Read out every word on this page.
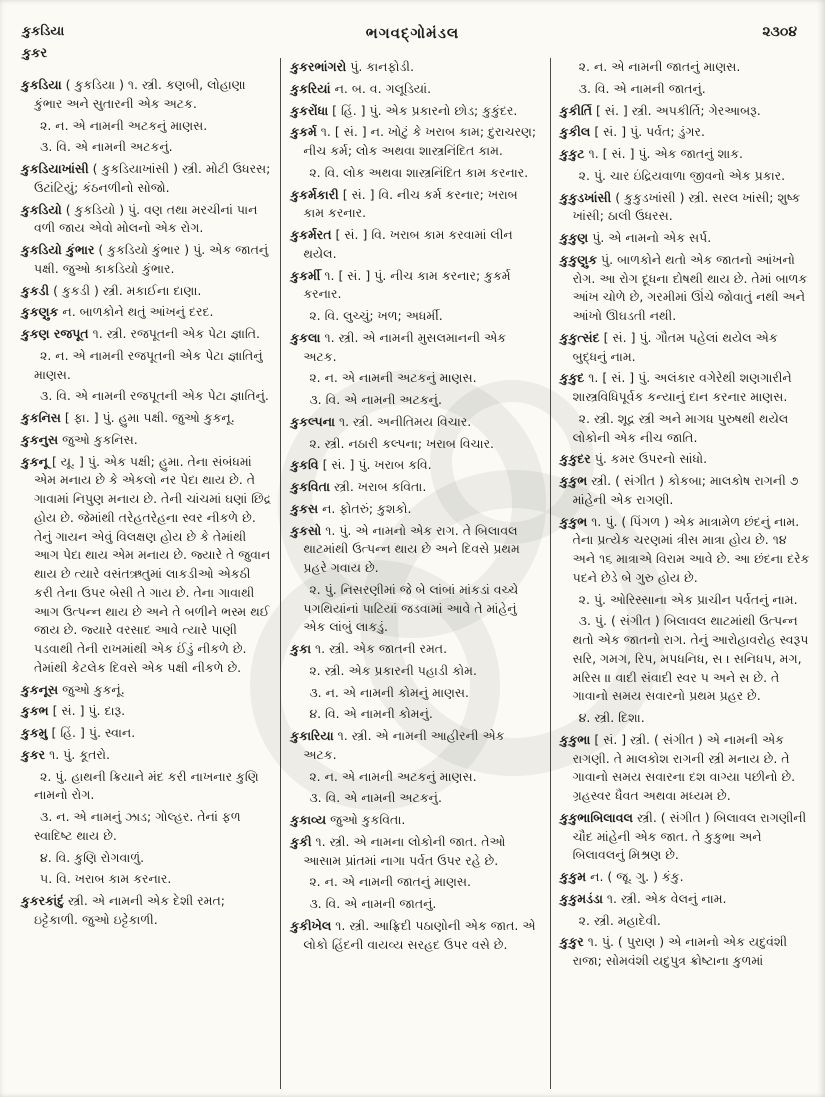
કુકડિયા
કુકર
ભગવદ્ગોમંડલ	૨૩૦૪

કુકડિયા ( કુકડિયા ) ૧. સ્ત્રી. કણબી, લોહાણા કુંભાર અને સુતારની એક અટક.

૨. ન. એ નામની અટકનું માણસ.

૩. વિ. એ નામની અટકનું.

કુકડિયાખાંસી ( કુકડિયાખાંસી ) સ્ત્રી. મોટી ઉધરસ; ઉટાંટિયું; કંઠનળીનો સોજો.

કુકડિયો ( કુકડિયો ) પું. વણ તથા મરચીનાં પાન વળી જાય એવો મોલનો એક રોગ.

કુકડિયો કુંભાર ( કુકડિયો કુંભાર ) પું. એક જાતનું પક્ષી. જુઓ કાકડિયો કુંભાર.

કુકડી ( કુકડી ) સ્ત્રી. મકાઈના દાણા.

કુકણુક ન. બાળકોને થતું આંખનું દરદ.

કુકણ રજપૂત ૧. સ્ત્રી. રજપૂતની એક પેટા જ્ઞાતિ.

૨. ન. એ નામની રજપૂતની એક પેટા જ્ઞાતિનું માણસ.

૩. વિ. એ નામની રજપૂતની એક પેટા જ્ઞાતિનું.

કુકનિસ [ ફા. ] પું. હુમા પક્ષી. જુઓ કુકનૂ.

કુકનુસ જુઓ કુકનિસ.

કુકનૂ [ યૂ. ] પું. એક પક્ષી; હુમા. તેના સંબંધમાં એમ મનાય છે કે એકલો નર પેદા થાય છે. તે ગાવામાં નિપુણ મનાય છે. તેની ચાંચમાં ઘણાં છિદ્ર હોય છે. જેમાંથી તરેહતરેહના સ્વર નીકળે છે. તેનું ગાયન એવું વિલક્ષણ હોય છે કે તેમાંથી આગ પેદા થાય એમ મનાય છે. જ્યારે તે જુવાન થાય છે ત્યારે વસંતઋતુમાં લાકડીઓ એકઠી કરી તેના ઉપર બેસી તે ગાય છે. તેના ગાવાથી આગ ઉત્પન્ન થાય છે અને તે બળીને ભસ્મ થઈ જાય છે. જ્યારે વરસાદ આવે ત્યારે પાણી પડવાથી તેની રાખમાંથી એક ઈંડું નીકળે છે. તેમાંથી કેટલેક દિવસે એક પક્ષી નીકળે છે.

કુકનૂસ જુઓ કુકનૂં.

કુકભ [ સં. ] પું. દારૂ.

કુકમુ [ હિં. ] પું. સ્વાન.

કુકર ૧. પું. કૂતરો.

૨. પું. હાથની ક્રિયાને મંદ કરી નાખનાર કુણિ નામનો રોગ.

૩. ન. એ નામનું ઝાડ; ગોલ્હર. તેનાં ફળ સ્વાદિષ્ટ થાય છે.

૪. વિ. કુણિ રોગવાળું.

૫. વિ. ખરાબ કામ કરનાર.

કુકરકાંદું સ્ત્રી. એ નામની એક દેશી રમત; ઇટ્ટેકાળી. જુઓ ઇટ્ટેકાળી.

કુકરભાંગરો પું. કાનફોડી.

કુકરિયાં ન. બ. વ. ગલૂડિયાં.

કુકરોંધા [ હિં. ] પું. એક પ્રકારનો છોડ; કુકુંદર.

કુકર્મ ૧. [ સં. ] ન. ખોટું કે ખરાબ કામ; દુરાચરણ; નીચ કર્મ; લોક અથવા શાસ્ત્રનિંદિત કામ.

૨. વિ. લોક અથવા શાસ્ત્રનિંદિત કામ કરનાર.

કુકર્મકારી [ સં. ] વિ. નીચ કર્મ કરનાર; ખરાબ કામ કરનાર.

કુકર્મરત [ સં. ] વિ. ખરાબ કામ કરવામાં લીન થયેલ.

કુકર્મી ૧. [ સં. ] પું. નીચ કામ કરનાર; કુકર્મ કરનાર.

૨. વિ. લુચ્ચું; ખળ; અધર્મી.

કુકલા ૧. સ્ત્રી. એ નામની મુસલમાનની એક અટક.

૨. ન. એ નામની અટકનું માણસ.

૩. વિ. એ નામની અટકનું.

કુકલ્પના ૧. સ્ત્રી. અનીતિમય વિચાર.

૨. સ્ત્રી. નઠારી કલ્પના; ખરાબ વિચાર.

કુકવિ [ સં. ] પું. ખરાબ કવિ.

કુકવિતા સ્ત્રી. ખરાબ કવિતા.

કુકસ ન. ફોતરું; કુશકો.

કુકસો ૧. પું. એ નામનો એક રાગ. તે બિલાવલ થાટમાંથી ઉત્પન્ન થાય છે અને દિવસે પ્રથમ પ્રહરે ગવાય છે.

૨. પું. નિસરણીમાં જે બે લાંબાં માંકડાં વચ્ચે પગથિયાંનાં પાટિયાં જડવામાં આવે તે માંહેનું એક લાંબું લાકડું.

કુકા ૧. સ્ત્રી. એક જાતની રમત.

૨. સ્ત્રી. એક પ્રકારની પહાડી કોમ.

૩. ન. એ નામની કોમનું માણસ.

૪. વિ. એ નામની કોમનું.

કુકારિયા ૧. સ્ત્રી. એ નામની આહીરની એક અટક.

૨. ન. એ નામની અટકનું માણસ.

૩. વિ. એ નામની અટકનું.

કુકાવ્ય જુઓ કુકવિતા.

કુકી ૧. સ્ત્રી. એ નામના લોકોની જાત. તેઓ આસામ પ્રાંતમાં નાગા પર્વત ઉપર રહે છે.

૨. ન. એ નામની જાતનું માણસ.

૩. વિ. એ નામની જાતનું.

કુકીખેલ ૧. સ્ત્રી. આફ્રિદી પઠાણોની એક જાત. એ લોકો હિંદની વાયવ્ય સરહદ ઉપર વસે છે.

૨. ન. એ નામની જાતનું માણસ.

૩. વિ. એ નામની જાતનું.

કુકીર્તિ [ સં. ] સ્ત્રી. અપકીર્તિ; ગેરઆબરૂ.

કુકીલ [ સં. ] પું. પર્વત; ડુંગર.

કુકુટ ૧. [ સં. ] પું. એક જાતનું શાક.

૨. પું. ચાર ઇંદ્રિયવાળા જીવનો એક પ્રકાર.

કુકુડખાંસી ( કુકુડખાંસી ) સ્ત્રી. સરલ ખાંસી; શુષ્ક ખાંસી; ઠાલી ઉધરસ.

કુકુણ પું. એ નામનો એક સર્પ.

કુકુણુક પું. બાળકોને થતો એક જાતનો આંખનો રોગ. આ રોગ દૂધના દોષથી થાય છે. તેમાં બાળક આંખ ચોળે છે, ગરમીમાં ઊંચે જોવાતું નથી અને આંખો ઊઘડતી નથી.

કુકુત્સંદ [ સં. ] પું. ગૌતમ પહેલાં થયેલ એક બુદ્ધનું નામ.

કુકુદ ૧. [ સં. ] પું. અલંકાર વગેરેથી શણગારીને શાસ્ત્રવિધિપૂર્વક કન્યાનું દાન કરનાર માણસ.

૨. સ્ત્રી. શૂદ્ર સ્ત્રી અને માગધ પુરુષથી થયેલ લોકોની એક નીચ જાતિ.

કુકુદર પું. કમર ઉપરનો સાંધો.

કુકુભ સ્ત્રી. ( સંગીત ) કોકબા; માલકોષ રાગની ૭ માંહેની એક રાગણી.

કુકુભ ૧. પું. ( પિંગળ ) એક માત્રામેળ છંદનું નામ. તેના પ્રત્યેક ચરણમાં ત્રીસ માત્રા હોય છે. ૧૪ અને ૧૬ માત્રાએ વિરામ આવે છે. આ છંદના દરેક પદને છેડે બે ગુરુ હોય છે.

૨. પું. ઓરિસ્સાના એક પ્રાચીન પર્વતનું નામ.

૩. પું. ( સંગીત ) બિલાવલ થાટમાંથી ઉત્પન્ન થતો એક જાતનો રાગ. તેનું આરોહાવરોહ સ્વરૂપ સરિ, ગમગ, રિપ, મપધનિધ, સ । સનિધપ, મગ, મરિસ ॥ વાદી સંવાદી સ્વર પ અને સ છે. તે ગાવાનો સમય સવારનો પ્રથમ પ્રહર છે.

૪. સ્ત્રી. દિશા.

કુકુભા [ સં. ] સ્ત્રી. ( સંગીત ) એ નામની એક રાગણી. તે માલકોશ રાગની સ્ત્રી મનાય છે. તે ગાવાનો સમય સવારના દશ વાગ્યા પછીનો છે. ગ્રહસ્વર ધૈવત અથવા મધ્યમ છે.

કુકુભાબિલાવલ સ્ત્રી. ( સંગીત ) બિલાવલ રાગણીની ચૌદ માંહેની એક જાત. તે કુકુભા અને બિલાવલનું મિશ્રણ છે.

કુકુમ ન. ( જૂ. ગુ. ) કંકુ.

કુકુમડંડા ૧. સ્ત્રી. એક વેલનું નામ.

૨. સ્ત્રી. મહાદેવી.

કુકુર ૧. પું. ( પુરાણ ) એ નામનો એક યદુવંશી રાજા; સોમવંશી યદુપુત્ર ક્રોષ્ટાના કુળમાં
